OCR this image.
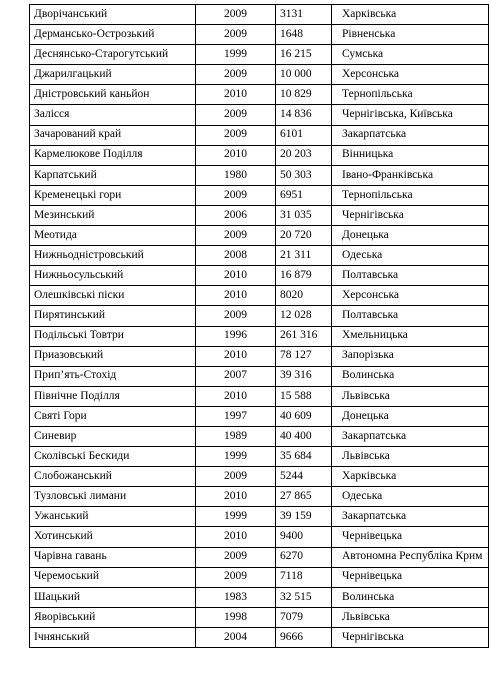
Дворічанський	2009	3131	Харківська
Дерманськo-Острозький	2009	1648	Рівненська
Деснянсько-Старогутський	1999	16 215	Сумська
Джарилгацький	2009	10 000	Херсонська
Дністровський каньйон	2010	10 829	Тернопільська
Залісся	2009	14 836	Чернігівська, Київська
Зачарований край	2009	6101	Закарпатська
Кармелюкове Поділля	2010	20 203	Вінницька
Карпатський	1980	50 303	Івано-Франківська
Кременецькі гори	2009	6951	Тернопільська
Мезинський	2006	31 035	Чернігівська
Меотида	2009	20 720	Донецька
Нижньодністровський	2008	21 311	Одеська
Нижньосульський	2010	16 879	Полтавська
Олешківські піски	2010	8020	Херсонська
Пирятинський	2009	12 028	Полтавська
Подільські Товтри	1996	261 316	Хмельницька
Приазовський	2010	78 127	Запорізька
Прип’ять-Стохід	2007	39 316	Волинська
Північне Поділля	2010	15 588	Львівська
Святі Гори	1997	40 609	Донецька
Синевир	1989	40 400	Закарпатська
Сколівські Бескиди	1999	35 684	Львівська
Слобожанський	2009	5244	Харківська
Тузловські лимани	2010	27 865	Одеська
Ужанський	1999	39 159	Закарпатська
Хотинський	2010	9400	Чернівецька
Чарівна гавань	2009	6270	Автономна Республіка Крим
Черемоський	2009	7118	Чернівецька
Шацький	1983	32 515	Волинська
Яворівський	1998	7079	Львівська
Ічнянський	2004	9666	Чернігівська
